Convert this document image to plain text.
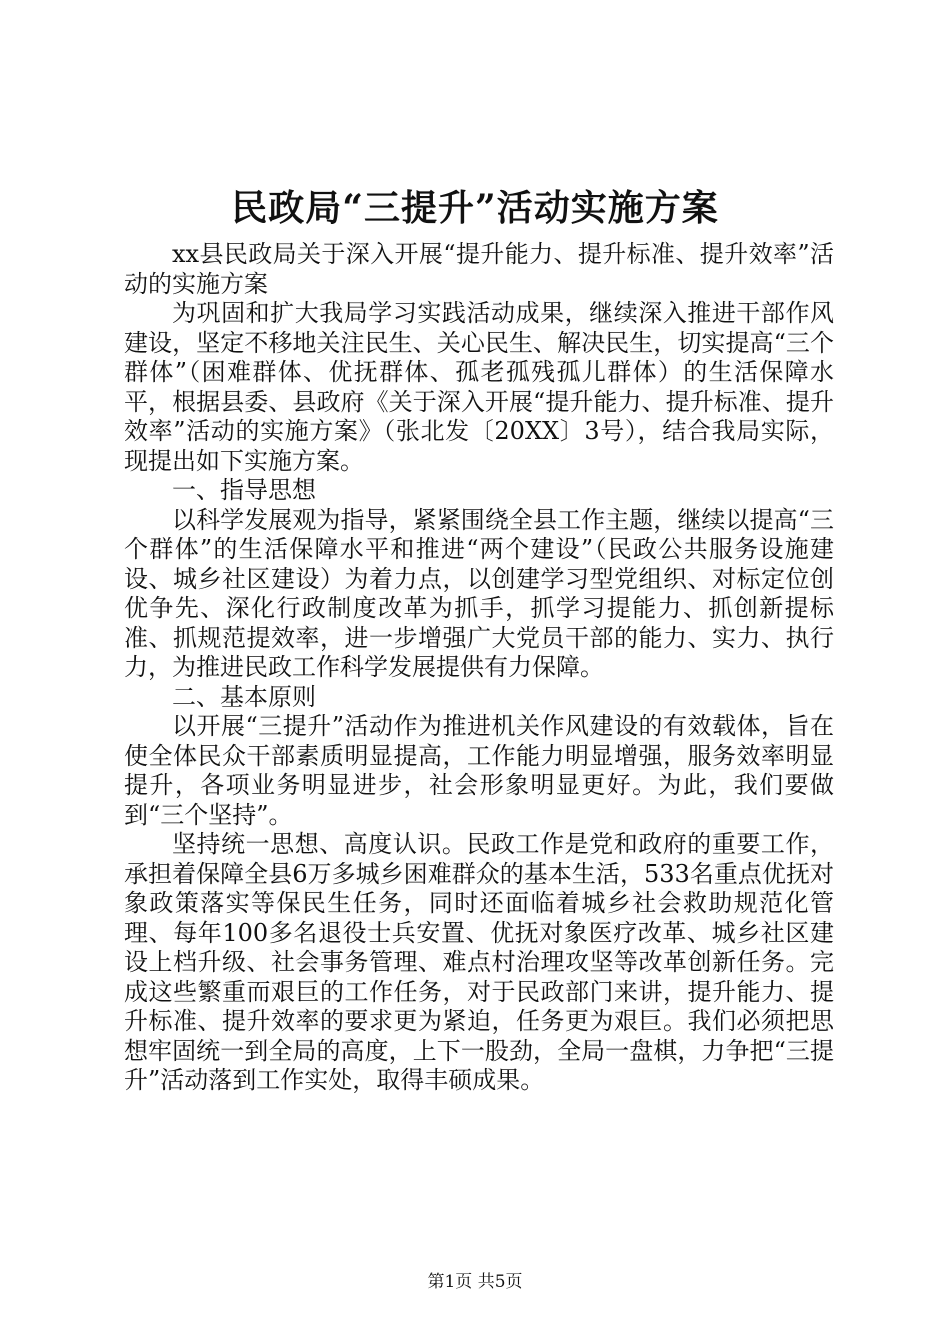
民政局“三提升”活动实施方案

xx县民政局关于深入开展“提升能力、提升标准、提升效率”活动的实施方案

为巩固和扩大我局学习实践活动成果，继续深入推进干部作风建设，坚定不移地关注民生、关心民生、解决民生，切实提高“三个群体”（困难群体、优抚群体、孤老孤残孤儿群体）的生活保障水平，根据县委、县政府《关于深入开展“提升能力、提升标准、提升效率”活动的实施方案》（张北发〔20XX〕3号），结合我局实际，现提出如下实施方案。

一、指导思想

以科学发展观为指导，紧紧围绕全县工作主题，继续以提高“三个群体”的生活保障水平和推进“两个建设”（民政公共服务设施建设、城乡社区建设）为着力点，以创建学习型党组织、对标定位创优争先、深化行政制度改革为抓手，抓学习提能力、抓创新提标准、抓规范提效率，进一步增强广大党员干部的能力、实力、执行力，为推进民政工作科学发展提供有力保障。

二、基本原则

以开展“三提升”活动作为推进机关作风建设的有效载体，旨在使全体民众干部素质明显提高，工作能力明显增强，服务效率明显提升，各项业务明显进步，社会形象明显更好。为此，我们要做到“三个坚持”。

坚持统一思想、高度认识。民政工作是党和政府的重要工作，承担着保障全县6万多城乡困难群众的基本生活，533名重点优抚对象政策落实等保民生任务，同时还面临着城乡社会救助规范化管理、每年100多名退役士兵安置、优抚对象医疗改革、城乡社区建设上档升级、社会事务管理、难点村治理攻坚等改革创新任务。完成这些繁重而艰巨的工作任务，对于民政部门来讲，提升能力、提升标准、提升效率的要求更为紧迫，任务更为艰巨。我们必须把思想牢固统一到全局的高度，上下一股劲，全局一盘棋，力争把“三提升”活动落到工作实处，取得丰硕成果。

第1页 共5页
